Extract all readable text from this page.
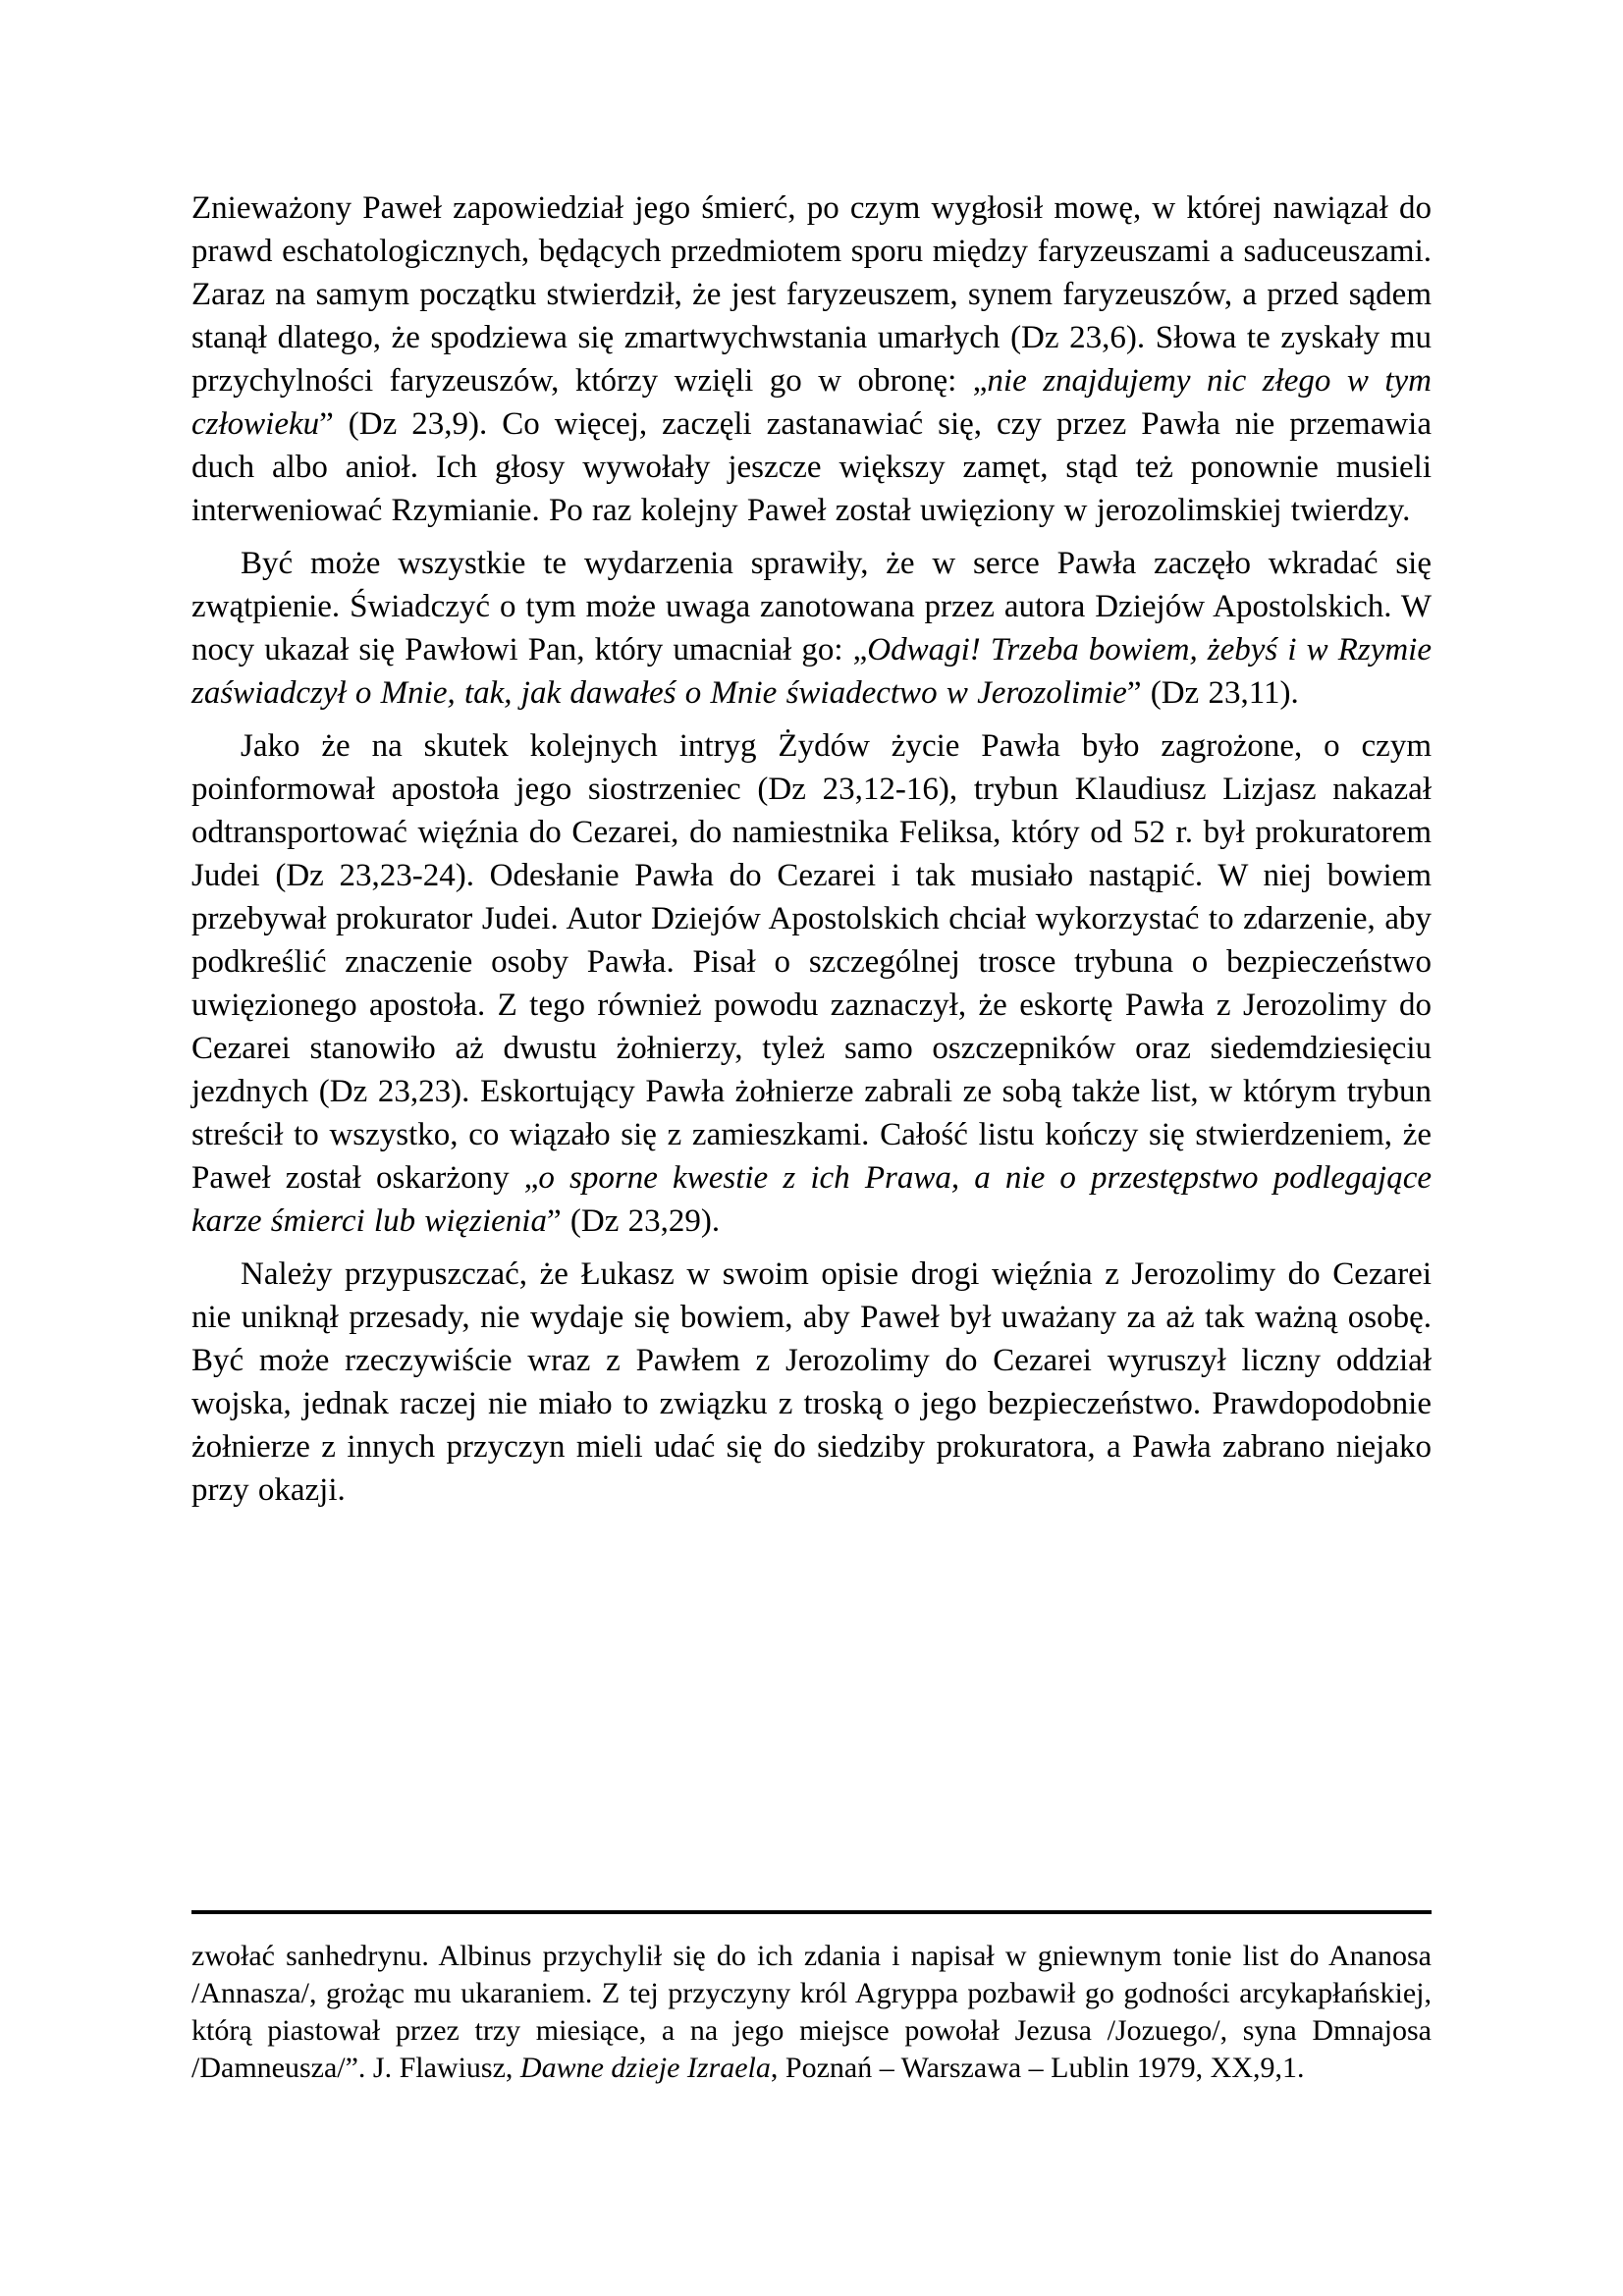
Znieważony Paweł zapowiedział jego śmierć, po czym wygłosił mowę, w której nawiązał do prawd eschatologicznych, będących przedmiotem sporu między faryzeuszami a saduceuszami. Zaraz na samym początku stwierdził, że jest faryzeuszem, synem faryzeuszów, a przed sądem stanął dlatego, że spodziewa się zmartwychwstania umarłych (Dz 23,6). Słowa te zyskały mu przychylności faryzeuszów, którzy wzięli go w obronę: „nie znajdujemy nic złego w tym człowieku” (Dz 23,9). Co więcej, zaczęli zastanawiać się, czy przez Pawła nie przemawia duch albo anioł. Ich głosy wywołały jeszcze większy zamęt, stąd też ponownie musieli interweniować Rzymianie. Po raz kolejny Paweł został uwięziony w jerozolimskiej twierdzy.

Być może wszystkie te wydarzenia sprawiły, że w serce Pawła zaczęło wkradać się zwątpienie. Świadczyć o tym może uwaga zanotowana przez autora Dziejów Apostolskich. W nocy ukazał się Pawłowi Pan, który umacniał go: „Odwagi! Trzeba bowiem, żebyś i w Rzymie zaświadczył o Mnie, tak, jak dawałeś o Mnie świadectwo w Jerozolimie” (Dz 23,11).

Jako że na skutek kolejnych intryg Żydów życie Pawła było zagrożone, o czym poinformował apostoła jego siostrzeniec (Dz 23,12-16), trybun Klaudiusz Lizjasz nakazał odtransportować więźnia do Cezarei, do namiestnika Feliksa, który od 52 r. był prokuratorem Judei (Dz 23,23-24). Odesłanie Pawła do Cezarei i tak musiało nastąpić. W niej bowiem przebywał prokurator Judei. Autor Dziejów Apostolskich chciał wykorzystać to zdarzenie, aby podkreślić znaczenie osoby Pawła. Pisał o szczególnej trosce trybuna o bezpieczeństwo uwięzionego apostoła. Z tego również powodu zaznaczył, że eskortę Pawła z Jerozolimy do Cezarei stanowiło aż dwustu żołnierzy, tyleż samo oszczepników oraz siedemdziesięciu jezdnych (Dz 23,23). Eskortujący Pawła żołnierze zabrali ze sobą także list, w którym trybun streścił to wszystko, co wiązało się z zamieszkami. Całość listu kończy się stwierdzeniem, że Paweł został oskarżony „o sporne kwestie z ich Prawa, a nie o przestępstwo podlegające karze śmierci lub więzienia” (Dz 23,29).

Należy przypuszczać, że Łukasz w swoim opisie drogi więźnia z Jerozolimy do Cezarei nie uniknął przesady, nie wydaje się bowiem, aby Paweł był uważany za aż tak ważną osobę. Być może rzeczywiście wraz z Pawłem z Jerozolimy do Cezarei wyruszył liczny oddział wojska, jednak raczej nie miało to związku z troską o jego bezpieczeństwo. Prawdopodobnie żołnierze z innych przyczyn mieli udać się do siedziby prokuratora, a Pawła zabrano niejako przy okazji.

zwołać sanhedrynu. Albinus przychylił się do ich zdania i napisał w gniewnym tonie list do Ananosa /Annasza/, grożąc mu ukaraniem. Z tej przyczyny król Agryppa pozbawił go godności arcykapłańskiej, którą piastował przez trzy miesiące, a na jego miejsce powołał Jezusa /Jozuego/, syna Dmnajosa /Damneusza/”. J. Flawiusz, Dawne dzieje Izraela, Poznań – Warszawa – Lublin 1979, XX,9,1.
